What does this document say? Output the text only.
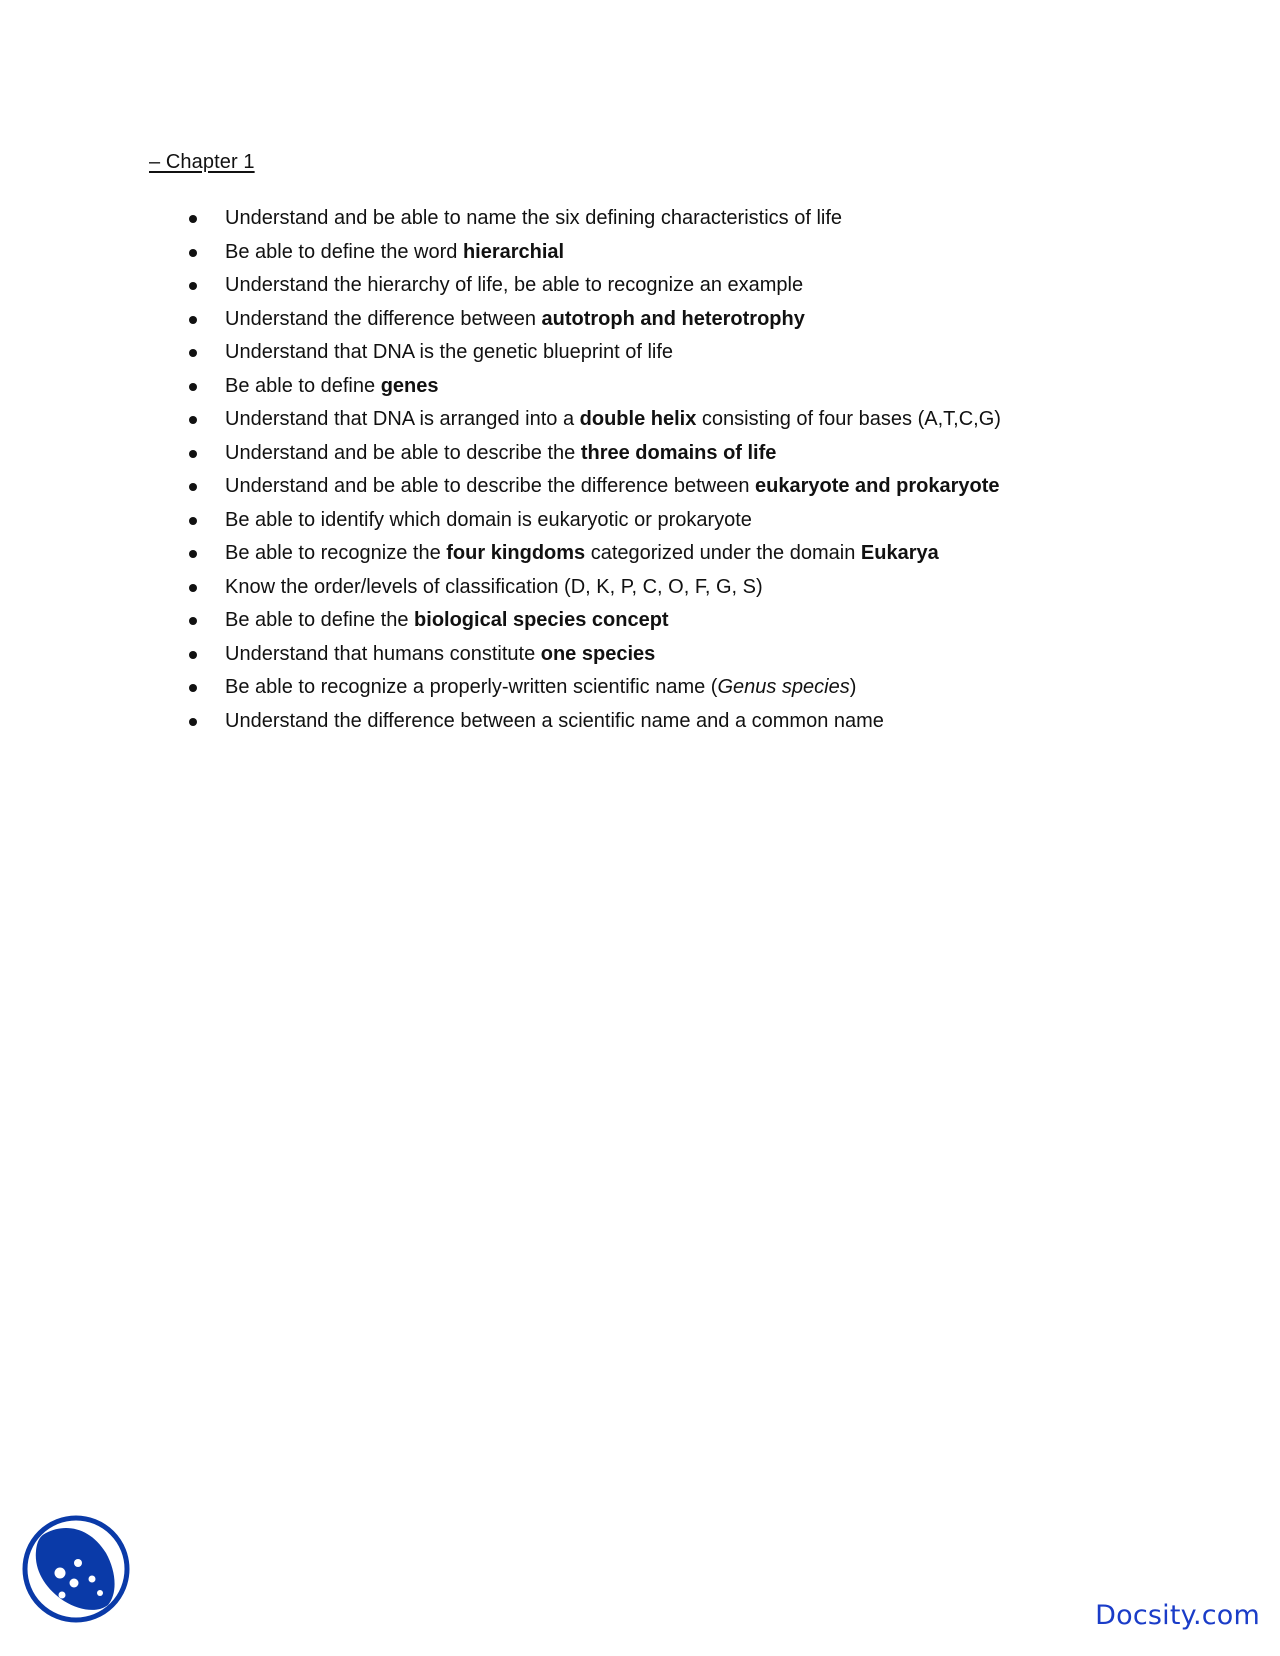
– Chapter 1
Understand and be able to name the six defining characteristics of life
Be able to define the word hierarchial
Understand the hierarchy of life, be able to recognize an example
Understand the difference between autotroph and heterotrophy
Understand that DNA is the genetic blueprint of life
Be able to define genes
Understand that DNA is arranged into a double helix consisting of four bases (A,T,C,G)
Understand and be able to describe the three domains of life
Understand and be able to describe the difference between eukaryote and prokaryote
Be able to identify which domain is eukaryotic or prokaryote
Be able to recognize the four kingdoms categorized under the domain Eukarya
Know the order/levels of classification (D, K, P, C, O, F, G, S)
Be able to define the biological species concept
Understand that humans constitute one species
Be able to recognize a properly-written scientific name (Genus species)
Understand the difference between a scientific name and a common name
Docsity.com
